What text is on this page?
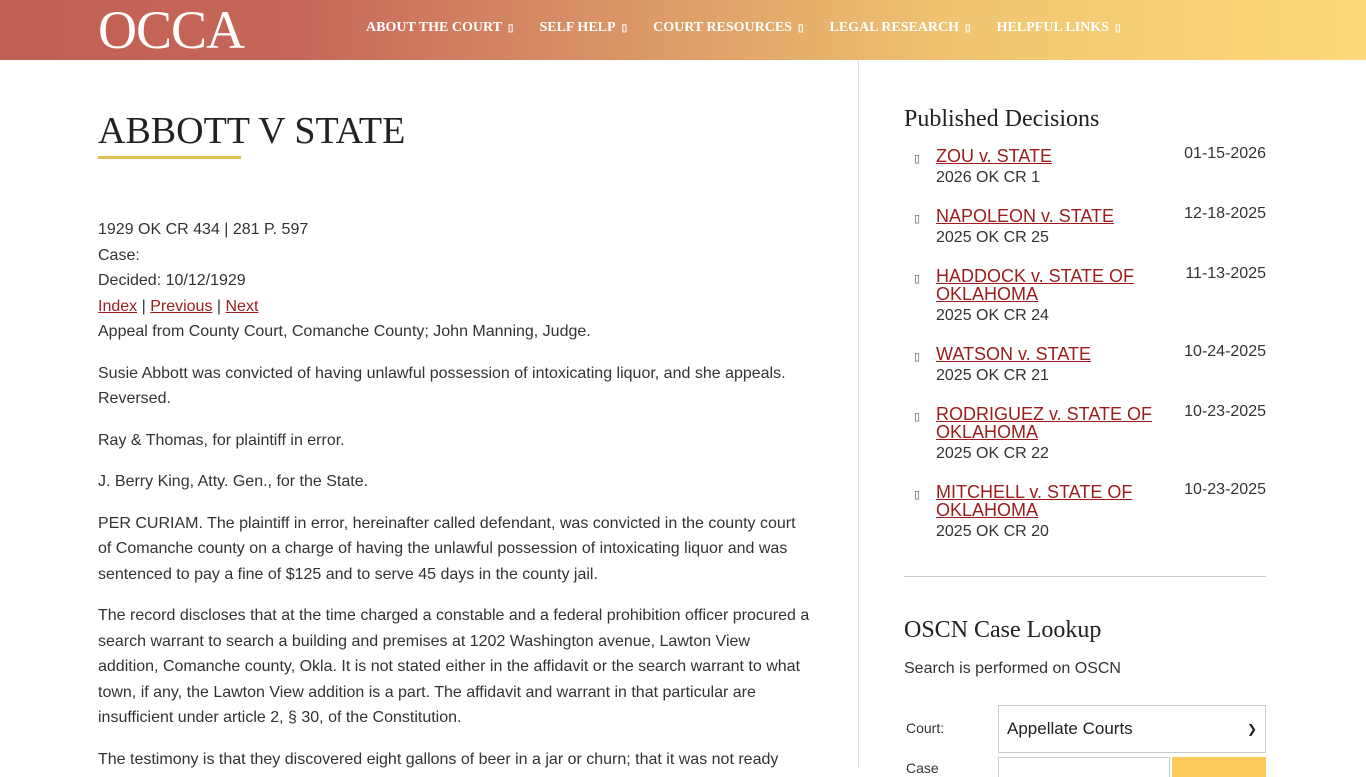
OCCA	ABOUT THE COURT ▯ SELF HELP ▯ COURT RESOURCES ▯ LEGAL RESEARCH ▯ HELPFUL LINKS ▯
ABBOTT V STATE
1929 OK CR 434 | 281 P. 597
Case:
Decided: 10/12/1929
Index | Previous | Next

Appeal from County Court, Comanche County; John Manning, Judge.

Susie Abbott was convicted of having unlawful possession of intoxicating liquor, and she appeals. Reversed.

Ray & Thomas, for plaintiff in error.

J. Berry King, Atty. Gen., for the State.

PER CURIAM. The plaintiff in error, hereinafter called defendant, was convicted in the county court of Comanche county on a charge of having the unlawful possession of intoxicating liquor and was sentenced to pay a fine of $125 and to serve 45 days in the county jail.

The record discloses that at the time charged a constable and a federal prohibition officer procured a search warrant to search a building and premises at 1202 Washington avenue, Lawton View addition, Comanche county, Okla. It is not stated either in the affidavit or the search warrant to what town, if any, the Lawton View addition is a part. The affidavit and warrant in that particular are insufficient under article 2, § 30, of the Constitution.

The testimony is that they discovered eight gallons of beer in a jar or churn; that it was not ready

Published Decisions
▯ ZOU v. STATE
2026 OK CR 1
01-15-2026
▯ NAPOLEON v. STATE
2025 OK CR 25
12-18-2025
▯ HADDOCK v. STATE OF OKLAHOMA
2025 OK CR 24
11-13-2025
▯ WATSON v. STATE
2025 OK CR 21
10-24-2025
▯ RODRIGUEZ v. STATE OF OKLAHOMA
2025 OK CR 22
10-23-2025
▯ MITCHELL v. STATE OF OKLAHOMA
2025 OK CR 20
10-23-2025
OSCN Case Lookup
Search is performed on OSCN
Court:	Appellate Courts	❯
Case
